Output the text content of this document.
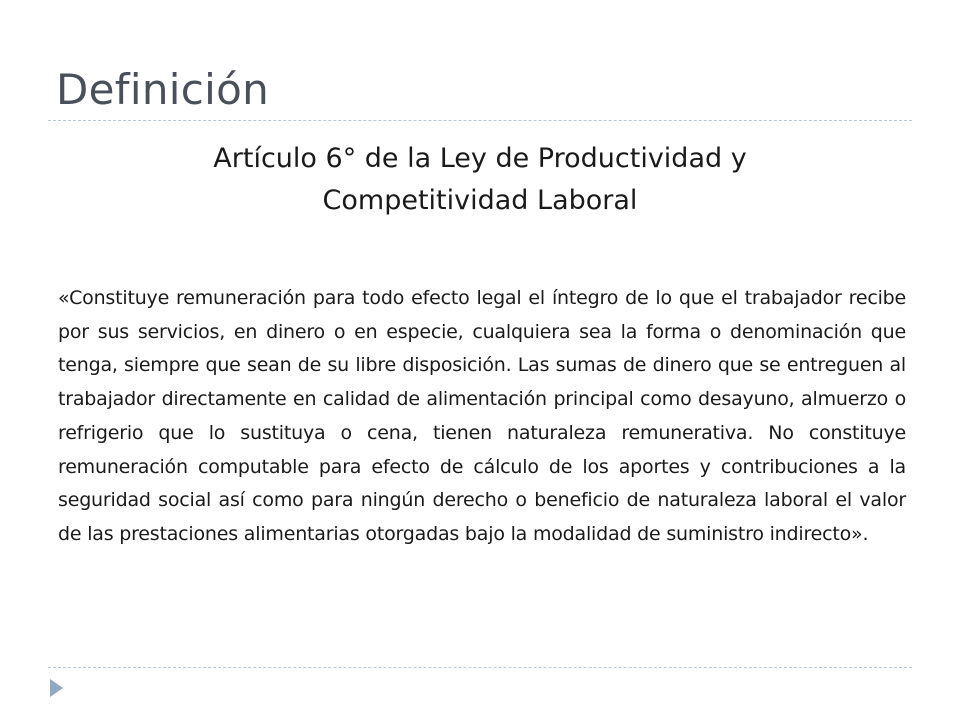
Definición
Artículo 6° de la Ley de Productividad y
Competitividad Laboral
«Constituye remuneración para todo efecto legal el íntegro de lo que el trabajador recibe por sus servicios, en dinero o en especie, cualquiera sea la forma o denominación que tenga, siempre que sean de su libre disposición. Las sumas de dinero que se entreguen al trabajador directamente en calidad de alimentación principal como desayuno, almuerzo o refrigerio que lo sustituya o cena, tienen naturaleza remunerativa. No constituye remuneración computable para efecto de cálculo de los aportes y contribuciones a la seguridad social así como para ningún derecho o beneficio de naturaleza laboral el valor de las prestaciones alimentarias otorgadas bajo la modalidad de suministro indirecto».
